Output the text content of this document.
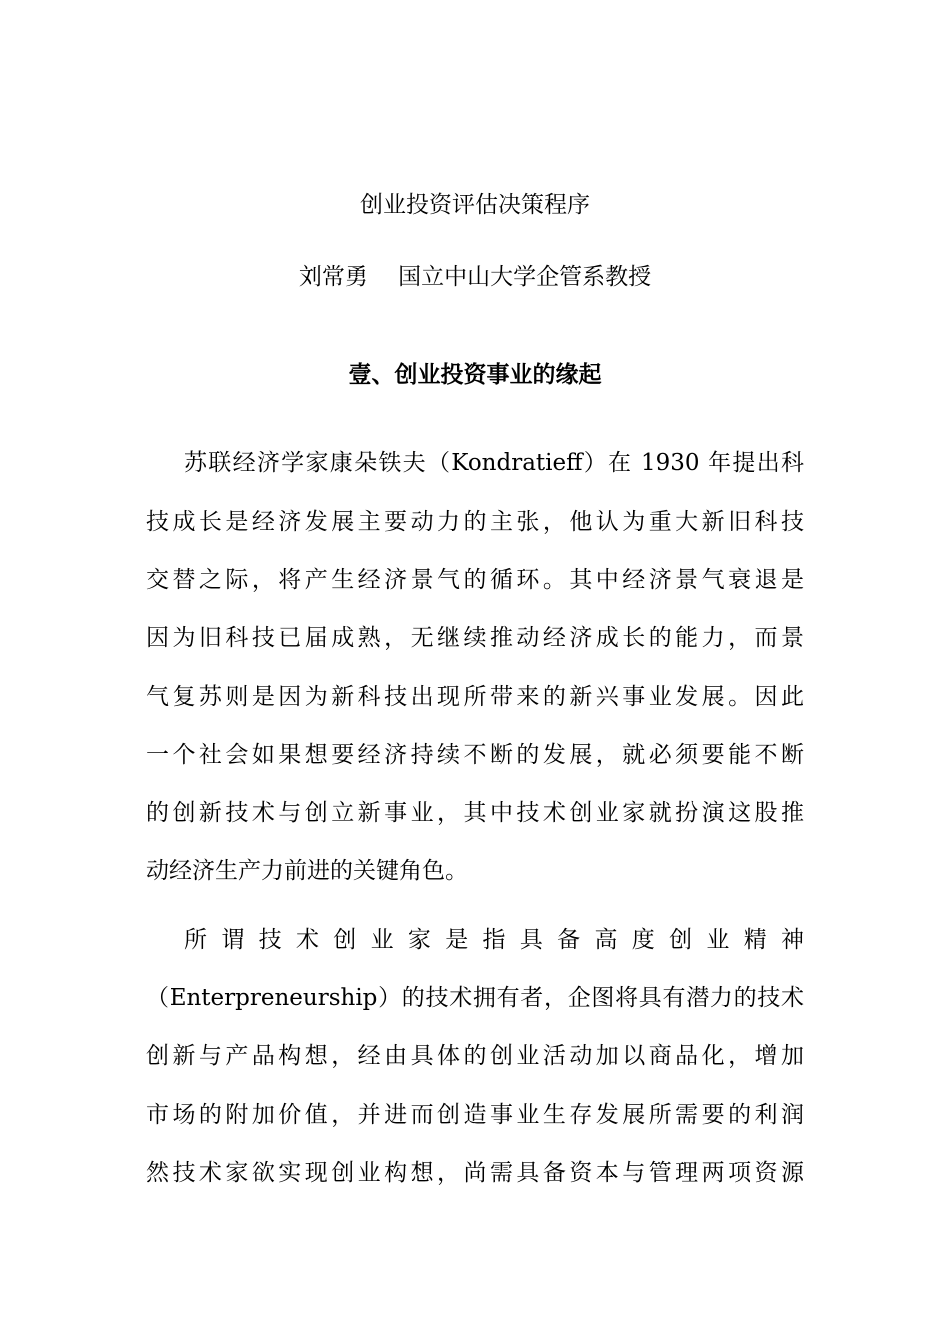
创业投资评估决策程序
刘常勇　 国立中山大学企管系教授
壹、创业投资事业的缘起
苏联经济学家康朵铁夫（Kondratieff）在 1930 年提出科
技成长是经济发展主要动力的主张，他认为重大新旧科技
交替之际，将产生经济景气的循环。其中经济景气衰退是
因为旧科技已届成熟，无继续推动经济成长的能力，而景
气复苏则是因为新科技出现所带来的新兴事业发展。因此
一个社会如果想要经济持续不断的发展，就必须要能不断
的创新技术与创立新事业，其中技术创业家就扮演这股推
动经济生产力前进的关键角色。
所谓技术创业家是指具备高度创业精神
（Enterpreneurship）的技术拥有者，企图将具有潜力的技术
创新与产品构想，经由具体的创业活动加以商品化，增加
市场的附加价值，并进而创造事业生存发展所需要的利润
然技术家欲实现创业构想，尚需具备资本与管理两项资源
